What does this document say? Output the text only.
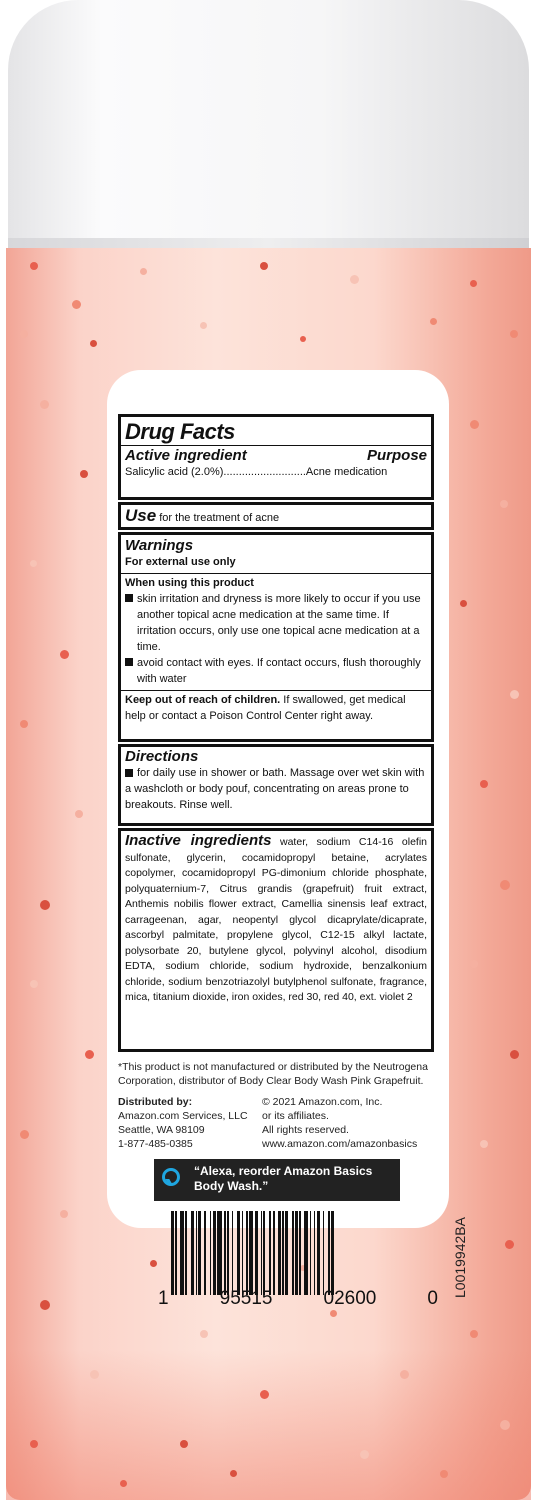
Drug Facts
Active ingredient	Purpose
Salicylic acid (2.0%)...........................Acne medication
Use for the treatment of acne
Warnings
For external use only
When using this product
skin irritation and dryness is more likely to occur if you use another topical acne medication at the same time. If irritation occurs, only use one topical acne medication at a time.
avoid contact with eyes. If contact occurs, flush thoroughly with water
Keep out of reach of children. If swallowed, get medical help or contact a Poison Control Center right away.
Directions
for daily use in shower or bath. Massage over wet skin with a washcloth or body pouf, concentrating on areas prone to breakouts. Rinse well.
Inactive ingredients water, sodium C14-16 olefin sulfonate, glycerin, cocamidopropyl betaine, acrylates copolymer, cocamidopropyl PG-dimonium chloride phosphate, polyquaternium-7, Citrus grandis (grapefruit) fruit extract, Anthemis nobilis flower extract, Camellia sinensis leaf extract, carrageenan, agar, neopentyl glycol dicaprylate/dicaprate, ascorbyl palmitate, propylene glycol, C12-15 alkyl lactate, polysorbate 20, butylene glycol, polyvinyl alcohol, disodium EDTA, sodium chloride, sodium hydroxide, benzalkonium chloride, sodium benzotriazolyl butylphenol sulfonate, fragrance, mica, titanium dioxide, iron oxides, red 30, red 40, ext. violet 2
*This product is not manufactured or distributed by the Neutrogena Corporation, distributor of Body Clear Body Wash Pink Grapefruit.
Distributed by:
Amazon.com Services, LLC
Seattle, WA 98109
1-877-485-0385
© 2021 Amazon.com, Inc.
or its affiliates.
All rights reserved.
www.amazon.com/amazonbasics
“Alexa, reorder Amazon Basics Body Wash.”
1	95515	02600	0
L0019942BA
